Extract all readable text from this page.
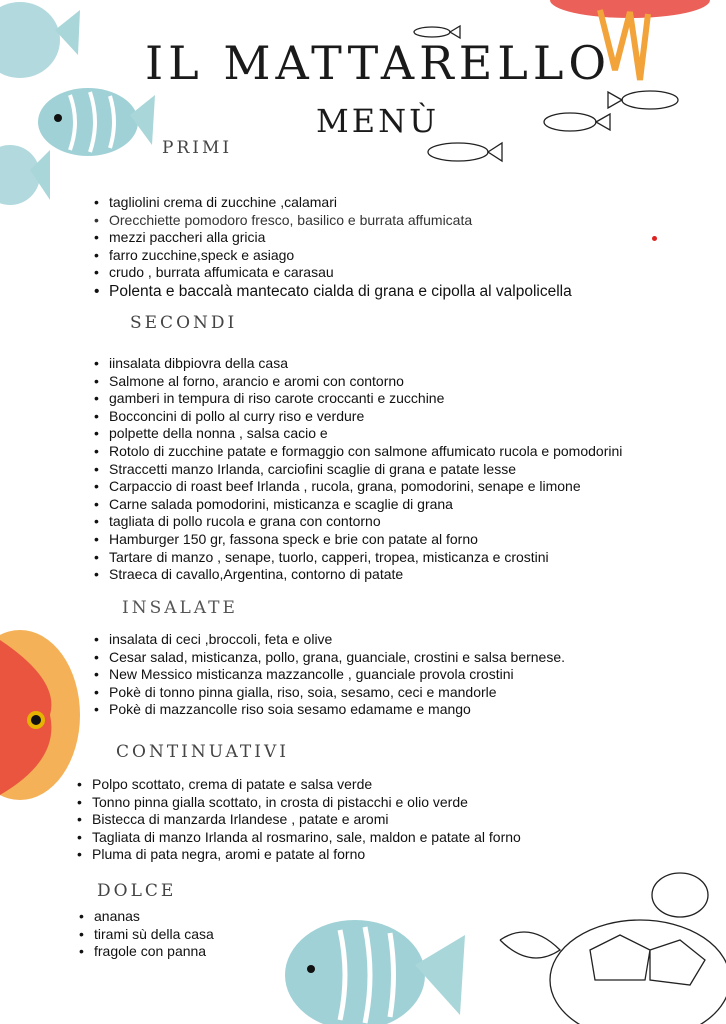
IL MATTARELLO
MENÙ
PRIMI
• tagliolini crema di zucchine ,calamari
• Orecchiette pomodoro fresco, basilico e burrata affumicata
• mezzi paccheri alla gricia
• farro zucchine,speck e asiago
• crudo , burrata affumicata e carasau
• Polenta e baccalà mantecato cialda di grana e cipolla al valpolicella
SECONDI
• iinsalata dibpiovra della casa
• Salmone al forno, arancio e aromi con contorno
• gamberi in tempura di riso carote croccanti e zucchine
• Bocconcini di pollo al curry riso e verdure
• polpette della nonna , salsa cacio e
• Rotolo di zucchine patate e formaggio con salmone affumicato rucola e pomodorini
• Straccetti manzo Irlanda, carciofini scaglie di grana e patate lesse
• Carpaccio di roast beef Irlanda , rucola, grana, pomodorini, senape e limone
• Carne salada pomodorini, misticanza e scaglie di grana
• tagliata di pollo rucola e grana con contorno
• Hamburger 150 gr, fassona speck e brie con patate al forno
• Tartare di manzo , senape, tuorlo, capperi, tropea, misticanza e crostini
• Straeca di cavallo,Argentina, contorno di patate
INSALATE
• insalata di ceci ,broccoli, feta e olive
• Cesar salad, misticanza, pollo, grana, guanciale, crostini e salsa bernese.
• New Messico misticanza mazzancolle , guanciale provola crostini
• Pokè di tonno pinna gialla, riso, soia, sesamo, ceci e mandorle
• Pokè di mazzancolle riso soia sesamo edamame e mango
CONTINUATIVI
• Polpo scottato, crema di patate e salsa verde
• Tonno pinna gialla scottato, in crosta di pistacchi e olio verde
• Bistecca di manzarda Irlandese , patate e aromi
• Tagliata di manzo Irlanda al rosmarino, sale, maldon e patate al forno
• Pluma di pata negra, aromi e patate al forno
DOLCE
• ananas
• tirami sù della casa
• fragole con panna
